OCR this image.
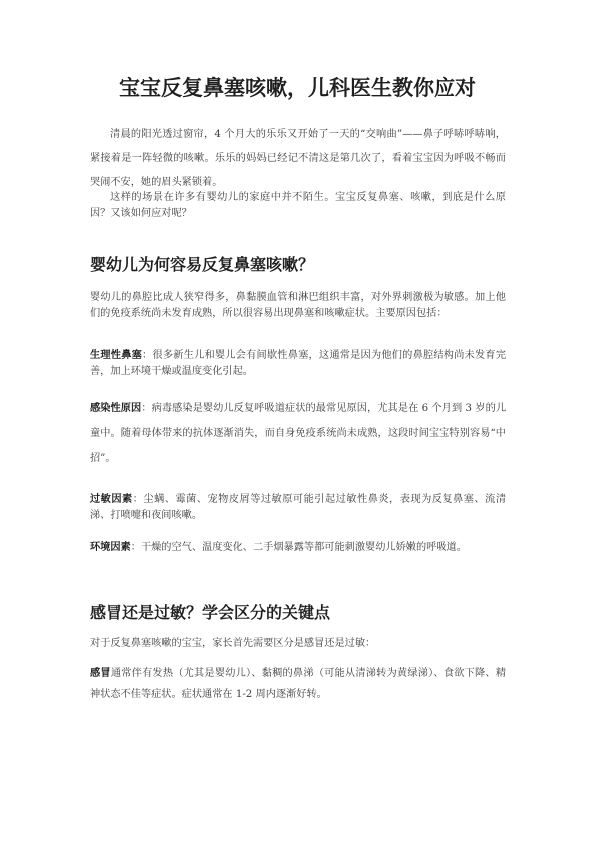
宝宝反复鼻塞咳嗽，儿科医生教你应对

清晨的阳光透过窗帘，4 个月大的乐乐又开始了一天的“交响曲”——鼻子呼哧呼哧响，紧接着是一阵轻微的咳嗽。乐乐的妈妈已经记不清这是第几次了，看着宝宝因为呼吸不畅而哭闹不安，她的眉头紧锁着。

这样的场景在许多有婴幼儿的家庭中并不陌生。宝宝反复鼻塞、咳嗽，到底是什么原因？又该如何应对呢？

婴幼儿为何容易反复鼻塞咳嗽？

婴幼儿的鼻腔比成人狭窄得多，鼻黏膜血管和淋巴组织丰富，对外界刺激极为敏感。加上他们的免疫系统尚未发育成熟，所以很容易出现鼻塞和咳嗽症状。主要原因包括：

生理性鼻塞：很多新生儿和婴儿会有间歇性鼻塞，这通常是因为他们的鼻腔结构尚未发育完善，加上环境干燥或温度变化引起。

感染性原因：病毒感染是婴幼儿反复呼吸道症状的最常见原因，尤其是在 6 个月到 3 岁的儿童中。随着母体带来的抗体逐渐消失，而自身免疫系统尚未成熟，这段时间宝宝特别容易“中招”。

过敏因素：尘螨、霉菌、宠物皮屑等过敏原可能引起过敏性鼻炎，表现为反复鼻塞、流清涕、打喷嚏和夜间咳嗽。

环境因素：干燥的空气、温度变化、二手烟暴露等都可能刺激婴幼儿娇嫩的呼吸道。

感冒还是过敏？学会区分的关键点

对于反复鼻塞咳嗽的宝宝，家长首先需要区分是感冒还是过敏：

感冒通常伴有发热（尤其是婴幼儿）、黏稠的鼻涕（可能从清涕转为黄绿涕）、食欲下降、精神状态不佳等症状。症状通常在 1-2 周内逐渐好转。
